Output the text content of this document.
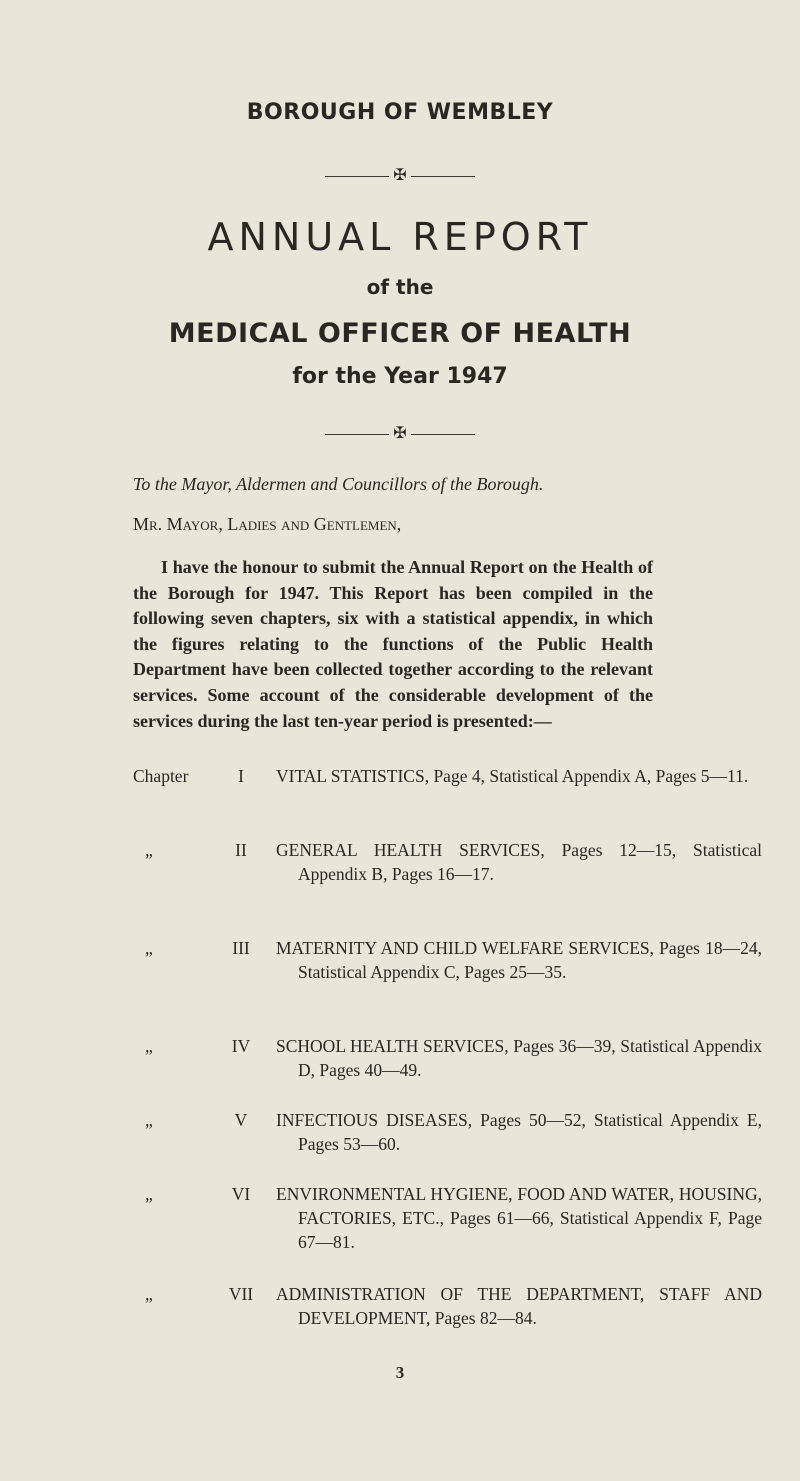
BOROUGH OF WEMBLEY
✠
ANNUAL REPORT
of the
MEDICAL OFFICER OF HEALTH
for the Year 1947
✠
To the Mayor, Aldermen and Councillors of the Borough.
Mr. Mayor, Ladies and Gentlemen,
I have the honour to submit the Annual Report on the Health of the Borough for 1947. This Report has been compiled in the following seven chapters, six with a statistical appendix, in which the figures relating to the functions of the Public Health Department have been collected together according to the relevant services. Some account of the considerable development of the services during the last ten-year period is presented:—
Chapter	I	VITAL STATISTICS, Page 4, Statistical Appendix A, Pages 5—11.
„	II	GENERAL HEALTH SERVICES, Pages 12—15, Statistical Appendix B, Pages 16—17.
„	III	MATERNITY AND CHILD WELFARE SERVICES, Pages 18—24, Statistical Appendix C, Pages 25—35.
„	IV	SCHOOL HEALTH SERVICES, Pages 36—39, Statistical Appendix D, Pages 40—49.
„	V	INFECTIOUS DISEASES, Pages 50—52, Statistical Appendix E, Pages 53—60.
„	VI	ENVIRONMENTAL HYGIENE, FOOD AND WATER, HOUSING, FACTORIES, ETC., Pages 61—66, Statistical Appendix F, Page 67—81.
„	VII	ADMINISTRATION OF THE DEPARTMENT, STAFF AND DEVELOPMENT, Pages 82—84.
3
